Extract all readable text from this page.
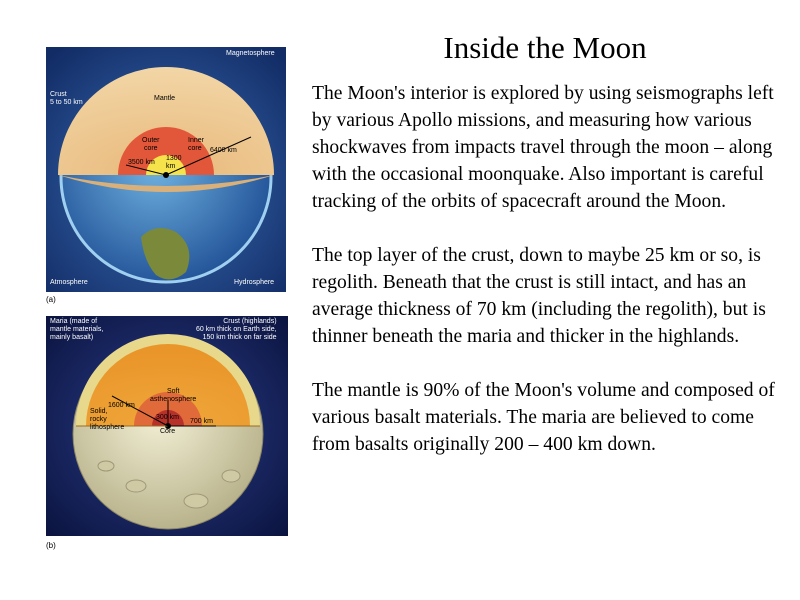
Inside the Moon

The Moon's interior is explored by using seismographs left by various Apollo missions, and measuring how various shockwaves from impacts travel through the moon – along with the occasional moonquake. Also important is careful tracking of the orbits of spacecraft around the Moon.

The top layer of the crust, down to maybe 25 km or so, is regolith. Beneath that the crust is still intact, and has an average thickness of 70 km (including the regolith), but is thinner beneath the maria and thicker in the highlands.

The mantle is 90% of the Moon's volume and composed of various basalt materials. The maria are believed to come from basalts originally 200 – 400 km down.

Magnetosphere
Crust
5 to 50 km
Mantle
Outer
core
Inner
core
3500 km
1300
km
6400 km
Atmosphere	Hydrosphere
(a)
Maria (made of
mantle materials,
mainly basalt)
Crust (highlands)
60 km thick on Earth side,
150 km thick on far side
1600 km
Soft
asthenosphere
300 km
Core
700 km
Solid,
rocky
lithosphere
(b)
